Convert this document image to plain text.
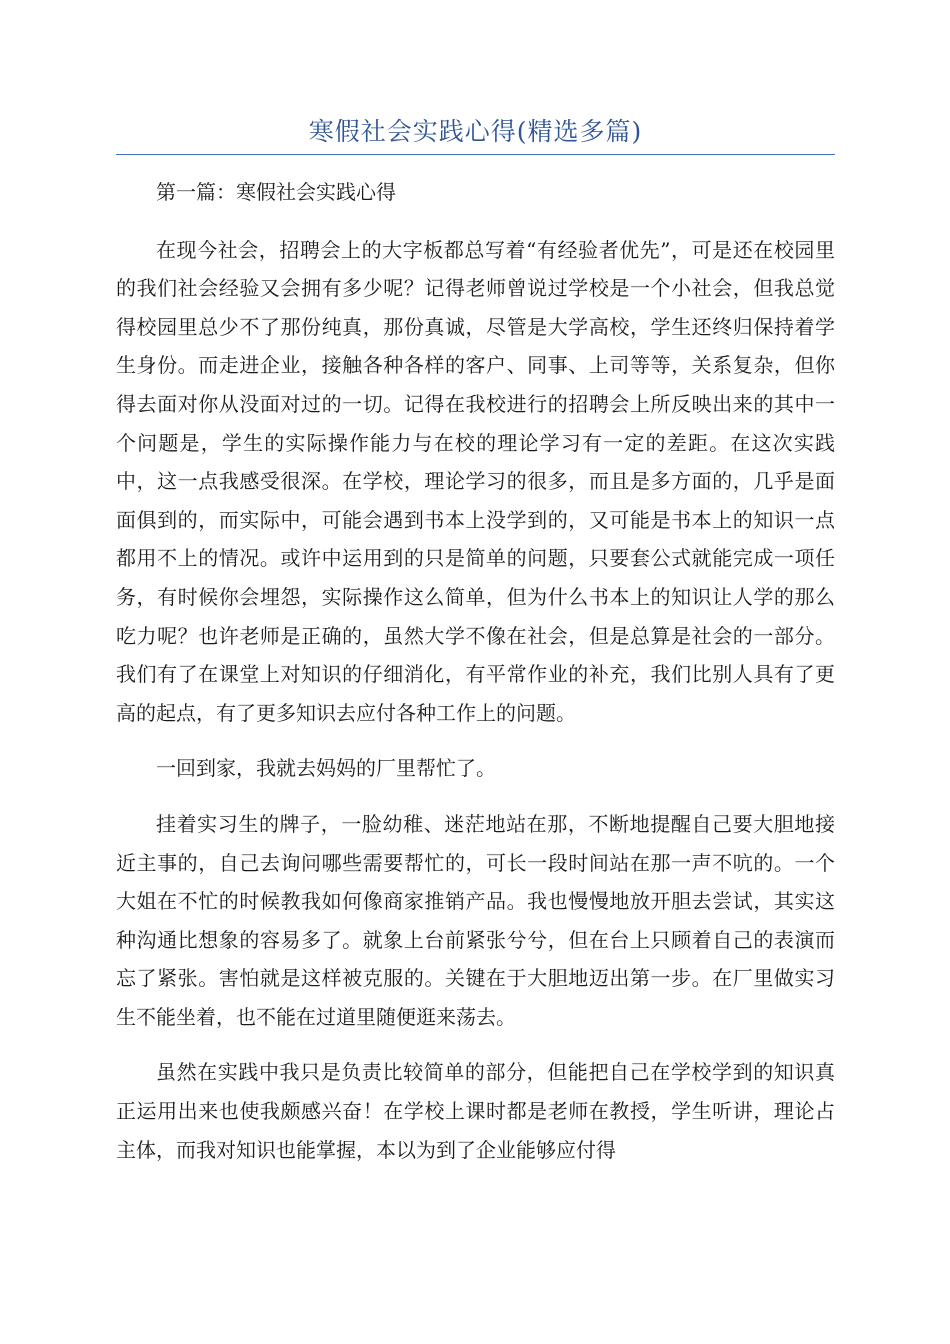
寒假社会实践心得(精选多篇)

第一篇：寒假社会实践心得

在现今社会，招聘会上的大字板都总写着“有经验者优先”，可是还在校园里的我们社会经验又会拥有多少呢？记得老师曾说过学校是一个小社会，但我总觉得校园里总少不了那份纯真，那份真诚，尽管是大学高校，学生还终归保持着学生身份。而走进企业，接触各种各样的客户、同事、上司等等，关系复杂，但你得去面对你从没面对过的一切。记得在我校进行的招聘会上所反映出来的其中一个问题是，学生的实际操作能力与在校的理论学习有一定的差距。在这次实践中，这一点我感受很深。在学校，理论学习的很多，而且是多方面的，几乎是面面俱到的，而实际中，可能会遇到书本上没学到的，又可能是书本上的知识一点都用不上的情况。或许中运用到的只是简单的问题，只要套公式就能完成一项任务，有时候你会埋怨，实际操作这么简单，但为什么书本上的知识让人学的那么吃力呢？也许老师是正确的，虽然大学不像在社会，但是总算是社会的一部分。我们有了在课堂上对知识的仔细消化，有平常作业的补充，我们比别人具有了更高的起点，有了更多知识去应付各种工作上的问题。

一回到家，我就去妈妈的厂里帮忙了。

挂着实习生的牌子，一脸幼稚、迷茫地站在那，不断地提醒自己要大胆地接近主事的，自己去询问哪些需要帮忙的，可长一段时间站在那一声不吭的。一个大姐在不忙的时候教我如何像商家推销产品。我也慢慢地放开胆去尝试，其实这种沟通比想象的容易多了。就象上台前紧张兮兮，但在台上只顾着自己的表演而忘了紧张。害怕就是这样被克服的。关键在于大胆地迈出第一步。在厂里做实习生不能坐着，也不能在过道里随便逛来荡去。

虽然在实践中我只是负责比较简单的部分，但能把自己在学校学到的知识真正运用出来也使我颇感兴奋！在学校上课时都是老师在教授，学生听讲，理论占主体，而我对知识也能掌握，本以为到了企业能够应付得
